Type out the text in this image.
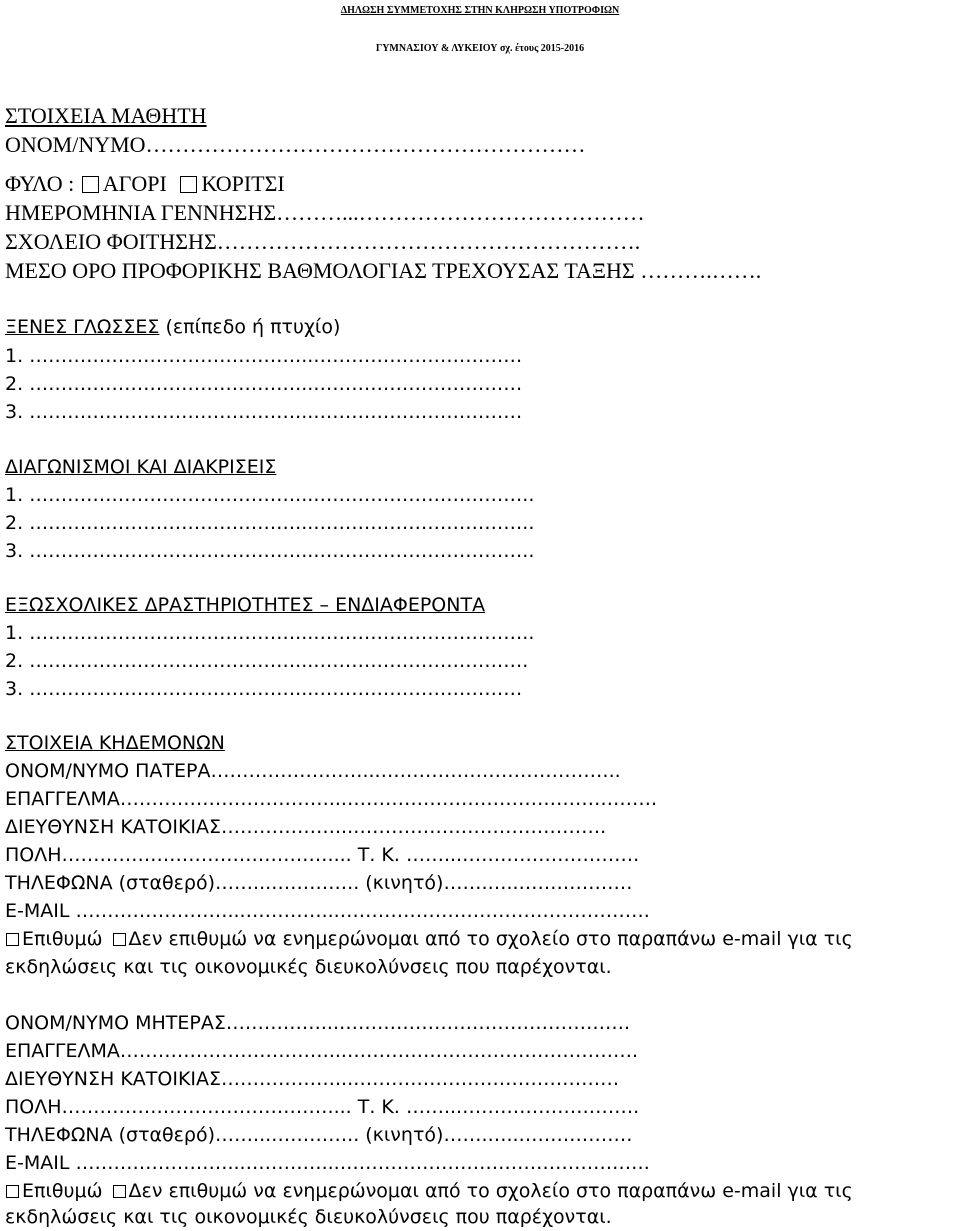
ΔΗΛΩΣΗ ΣΥΜΜΕΤΟΧΗΣ ΣΤΗΝ ΚΛΗΡΩΣΗ ΥΠΟΤΡΟΦΙΩΝ
ΓΥΜΝΑΣΙΟΥ & ΛΥΚΕΙΟΥ σχ. έτους 2015-2016
ΣΤΟΙΧΕΙΑ ΜΑΘΗΤΗ
ΟΝΟΜ/ΝΥΜΟ……………………………………………………
ΦΥΛΟ : ΑΓΟΡΙ ΚΟΡΙΤΣΙ
ΗΜΕΡΟΜΗΝΙΑ ΓΕΝΝΗΣΗΣ………...…………………………………
ΣΧΟΛΕΙΟ ΦΟΙΤΗΣΗΣ………………………………………………….
ΜΕΣΟ ΟΡΟ ΠΡΟΦΟΡΙΚΗΣ ΒΑΘΜΟΛΟΓΙΑΣ ΤΡΕΧΟΥΣΑΣ ΤΑΞΗΣ ……….…….
ΞΕΝΕΣ ΓΛΩΣΣΕΣ (επίπεδο ή πτυχίο)
1. ……………………………………...……………………………
2. ……………………………………...……………………………
3. ……………………………………...……………………………
ΔΙΑΓΩΝΙΣΜΟΙ ΚΑΙ ΔΙΑΚΡΙΣΕΙΣ
1. ……………………………………...……………………………..
2. ……………………………………...……………………………..
3. ……………………………………...……………………………..
ΕΞΩΣΧΟΛΙΚΕΣ ΔΡΑΣΤΗΡΙΟΤΗΤΕΣ – ΕΝΔΙΑΦΕΡΟΝΤΑ
1. ……………………………………...……………………………..
2. ……………………………………...…………………………….
3. ……………………………………...……………………………
ΣΤΟΙΧΕΙΑ ΚΗΔΕΜΟΝΩΝ
ΟΝΟΜ/ΝΥΜΟ ΠΑΤΕΡΑ……………………...………………………………..
ΕΠΑΓΓΕΛΜΑ……………………………...………………………………………….
ΔΙΕΥΘΥΝΣΗ ΚΑΤΟΙΚΙΑΣ………………...………………………………….
ΠΟΛΗ…………………………………….... Τ. Κ. ……...……………………….
ΤΗΛΕΦΩΝΑ (σταθερό)……...………….. (κινητό)…….…..………………
E-MAIL ……………………...…………...………………………………………….
Επιθυμώ Δεν επιθυμώ να ενημερώνομαι από το σχολείο στο παραπάνω e-mail για τις
εκδηλώσεις και τις οικονομικές διευκολύνσεις που παρέχονται.
ΟΝΟΜ/ΝΥΜΟ ΜΗΤΕΡΑΣ……………...……………………………………….
ΕΠΑΓΓΕΛΜΑ……………………………...……………………………………….
ΔΙΕΥΘΥΝΣΗ ΚΑΤΟΙΚΙΑΣ………………...……………………………………
ΠΟΛΗ…………………………………….... Τ. Κ. ……...……………………….
ΤΗΛΕΦΩΝΑ (σταθερό)……...………….. (κινητό)…….…..………………
E-MAIL ……………………...…………...………………………………………….
Επιθυμώ Δεν επιθυμώ να ενημερώνομαι από το σχολείο στο παραπάνω e-mail για τις
εκδηλώσεις και τις οικονομικές διευκολύνσεις που παρέχονται.
